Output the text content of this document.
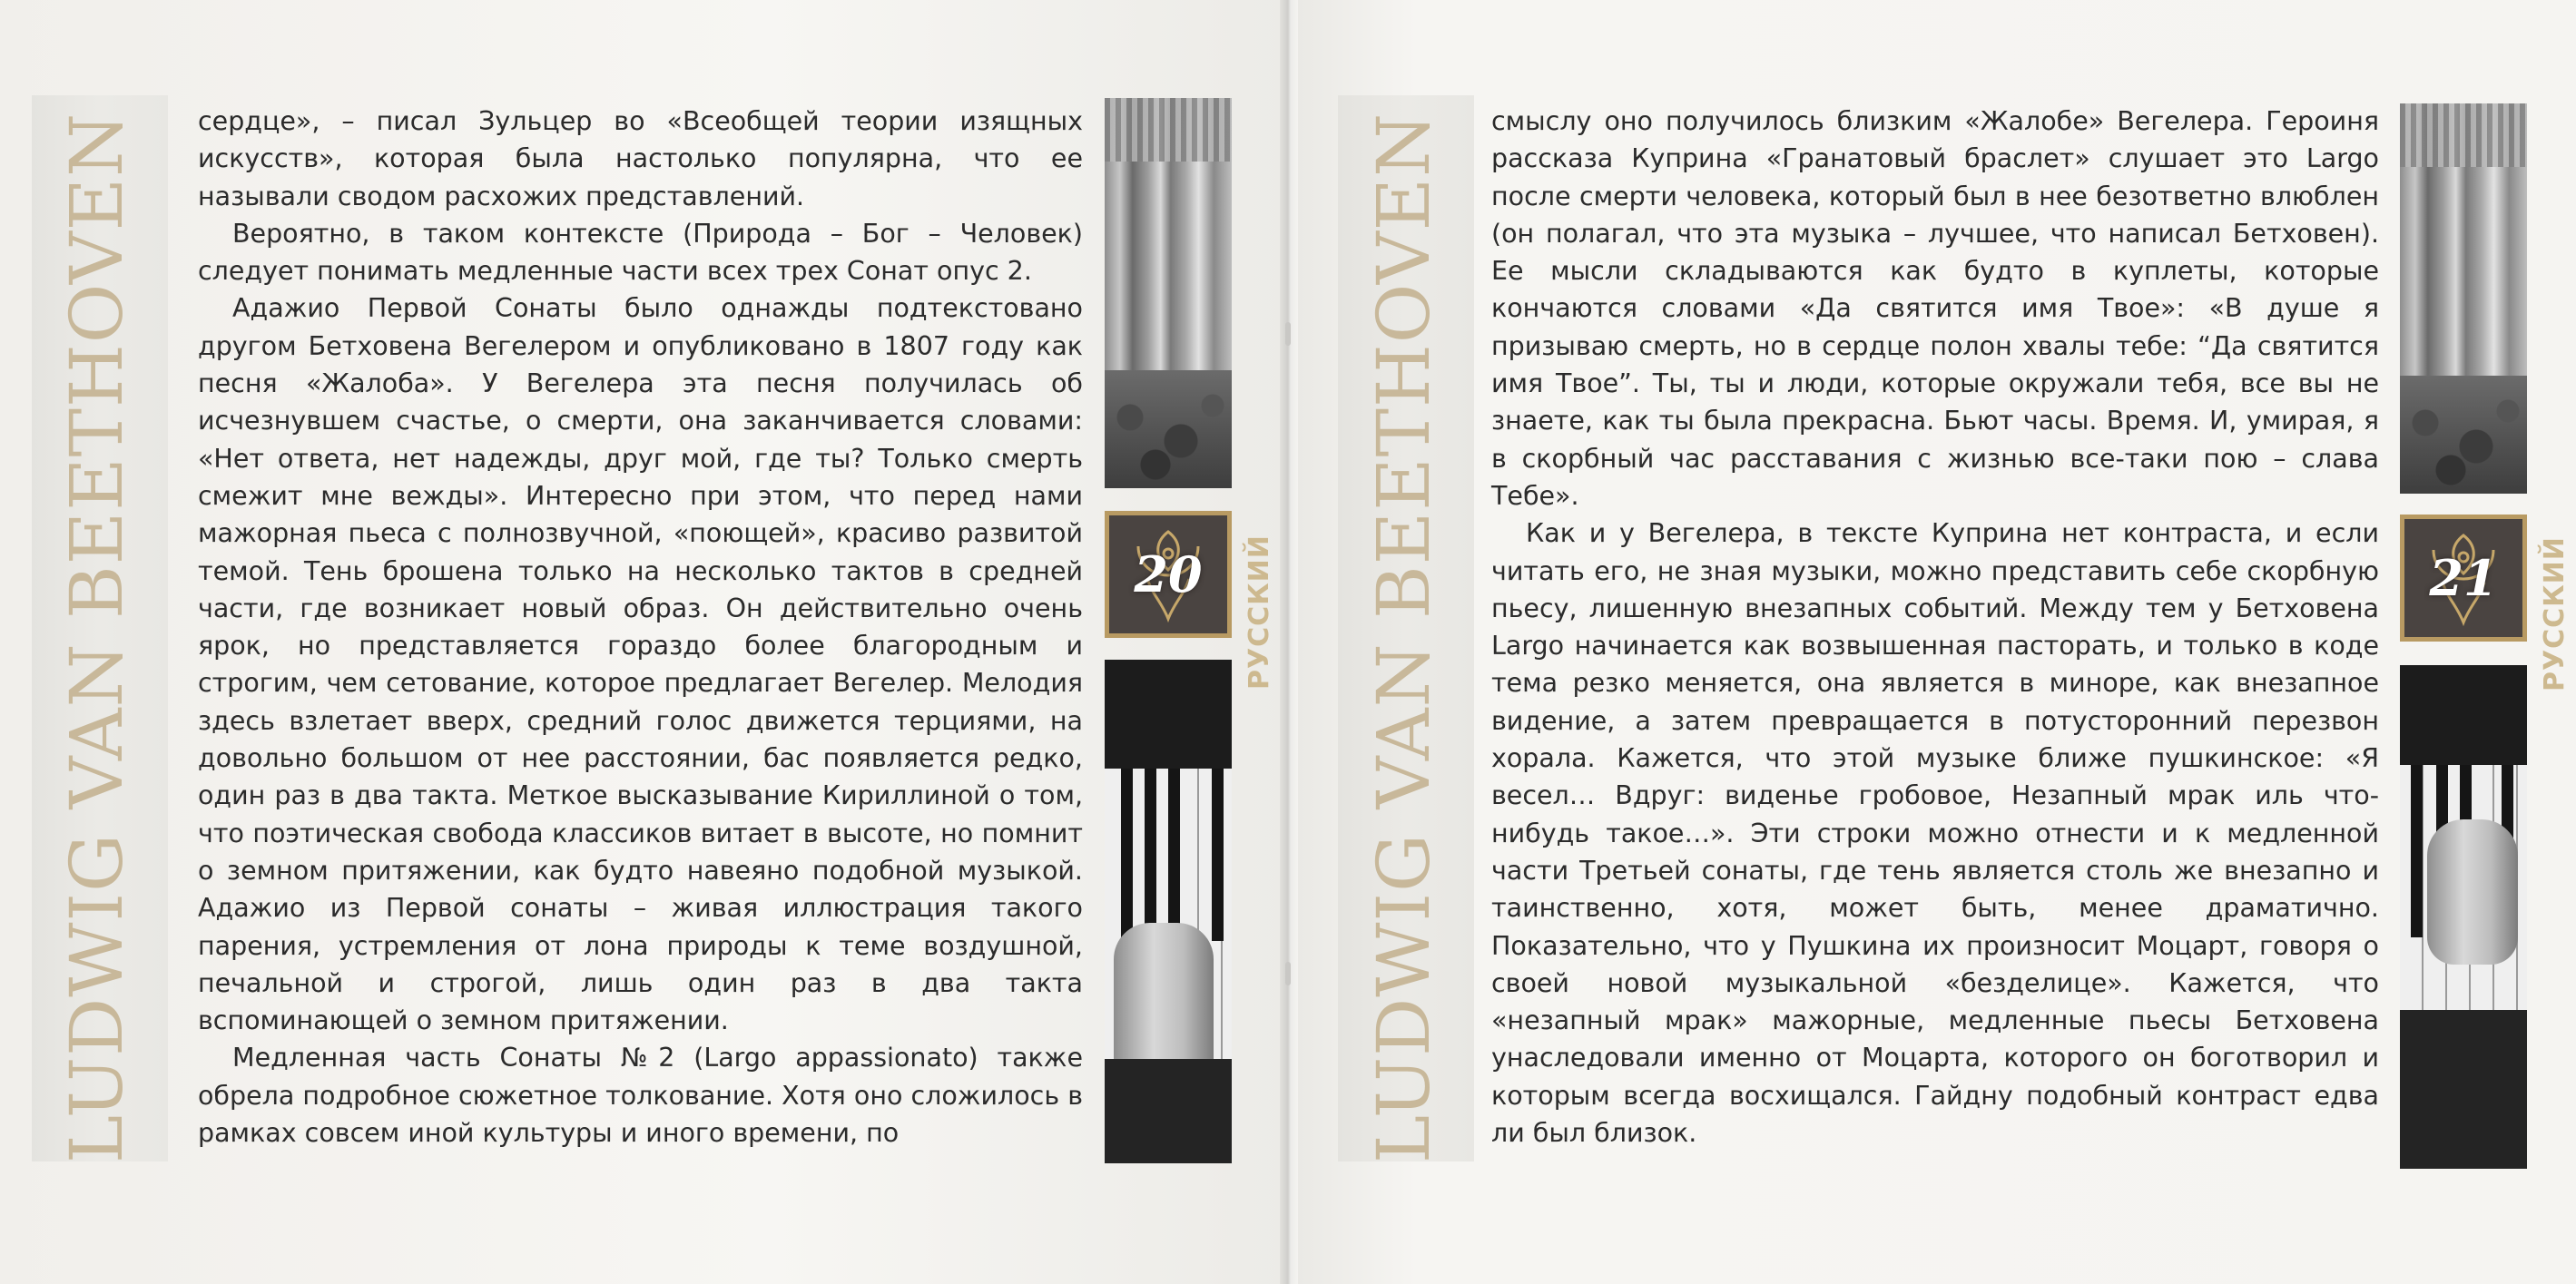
LUDWIG VAN BEETHOVEN	сердце», – писал Зульцер во «Всеобщей теории изящных искусств», которая была настолько популярна, что ее называли сводом расхожих представлений.

Вероятно, в таком контексте (Природа – Бог – Человек) следует понимать медленные части всех трех Сонат опус 2.

Адажио Первой Сонаты было однажды подтекстовано другом Бетховена Вегелером и опубликовано в 1807 году как песня «Жалоба». У Вегелера эта песня получилась об исчезнувшем счастье, о смерти, она заканчивается словами: «Нет ответа, нет надежды, друг мой, где ты? Только смерть смежит мне вежды». Интересно при этом, что перед нами мажорная пьеса с полнозвучной, «поющей», красиво развитой темой. Тень брошена только на несколько тактов в средней части, где возникает новый образ. Он действительно очень ярок, но представляется гораздо более благородным и строгим, чем сетование, которое предлагает Вегелер. Мелодия здесь взлетает вверх, средний голос движется терциями, на довольно большом от нее расстоянии, бас появляется редко, один раз в два такта. Меткое высказывание Кириллиной о том, что поэтическая свобода классиков витает в высоте, но помнит о земном притяжении, как будто навеяно подобной музыкой. Адажио из Первой сонаты – живая иллюстрация такого парения, устремления от лона природы к теме воздушной, печальной и строгой, лишь один раз в два такта вспоминающей о земном притяжении.

Медленная часть Сонаты №2 (Largo appassionato) также обрела подробное сюжетное толкование. Хотя оно сложилось в рамках совсем иной культуры и иного времени, по

20 РУССКИЙ LUDWIG VAN BEETHOVEN	смыслу оно получилось близким «Жалобе» Вегелера. Героиня рассказа Куприна «Гранатовый браслет» слушает это Largo после смерти человека, который был в нее безответно влюблен (он полагал, что эта музыка – лучшее, что написал Бетховен). Ее мысли складываются как будто в куплеты, которые кончаются словами «Да святится имя Твое»: «В душе я призываю смерть, но в сердце полон хвалы тебе: “Да святится имя Твое”. Ты, ты и люди, которые окружали тебя, все вы не знаете, как ты была прекрасна. Бьют часы. Время. И, умирая, я в скорбный час расставания с жизнью все-таки пою – слава Тебе».

Как и у Вегелера, в тексте Куприна нет контраста, и если читать его, не зная музыки, можно представить себе скорбную пьесу, лишенную внезапных событий. Между тем у Бетховена Largo начинается как возвышенная пасторать, и только в коде тема резко меняется, она является в миноре, как внезапное видение, а затем превращается в потусторонний перезвон хорала. Кажется, что этой музыке ближе пушкинское: «Я весел… Вдруг: виденье гробовое, Незапный мрак иль что-нибудь такое…». Эти строки можно отнести и к медленной части Третьей сонаты, где тень является столь же внезапно и таинственно, хотя, может быть, менее драматично. Показательно, что у Пушкина их произносит Моцарт, говоря о своей новой музыкальной «безделице». Кажется, что «незапный мрак» мажорные, медленные пьесы Бетховена унаследовали именно от Моцарта, которого он боготворил и которым всегда восхищался. Гайдну подобный контраст едва ли был близок.

21 РУССКИЙ
